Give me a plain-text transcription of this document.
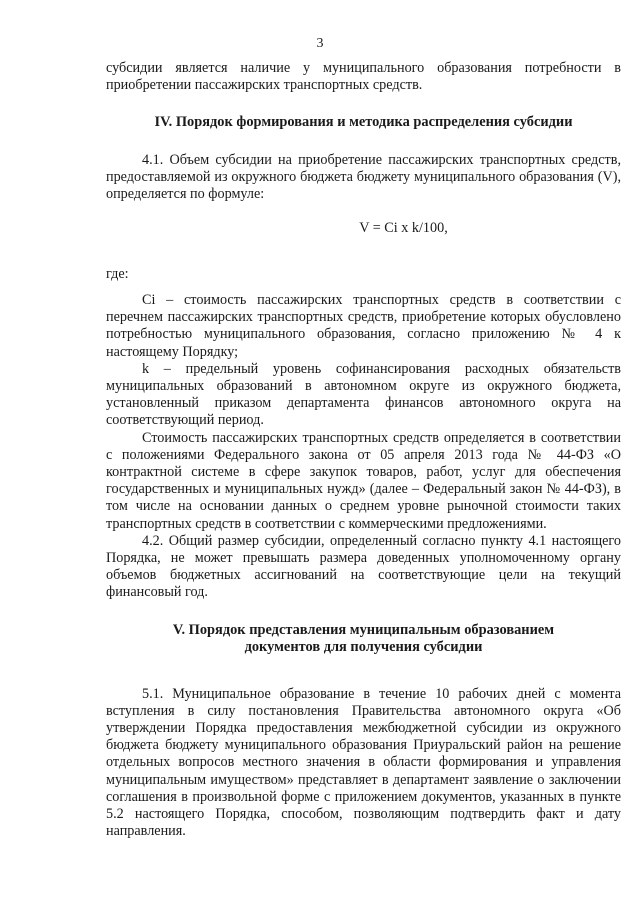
3

субсидии является наличие у муниципального образования потребности в приобретении пассажирских транспортных средств.

IV. Порядок формирования и методика распределения субсидии

4.1. Объем субсидии на приобретение пассажирских транспортных средств, предоставляемой из окружного бюджета бюджету муниципального образования (V), определяется по формуле:

V = Ci x k/100,

где:

Ci – стоимость пассажирских транспортных средств в соответствии с перечнем пассажирских транспортных средств, приобретение которых обусловлено потребностью муниципального образования, согласно приложению № 4 к настоящему Порядку;

k – предельный уровень софинансирования расходных обязательств муниципальных образований в автономном округе из окружного бюджета, установленный приказом департамента финансов автономного округа на соответствующий период.

Стоимость пассажирских транспортных средств определяется в соответствии с положениями Федерального закона от 05 апреля 2013 года № 44-ФЗ «О контрактной системе в сфере закупок товаров, работ, услуг для обеспечения государственных и муниципальных нужд» (далее – Федеральный закон № 44-ФЗ), в том числе на основании данных о среднем уровне рыночной стоимости таких транспортных средств в соответствии с коммерческими предложениями.

4.2. Общий размер субсидии, определенный согласно пункту 4.1 настоящего Порядка, не может превышать размера доведенных уполномоченному органу объемов бюджетных ассигнований на соответствующие цели на текущий финансовый год.

V. Порядок представления муниципальным образованием

документов для получения субсидии

5.1. Муниципальное образование в течение 10 рабочих дней с момента вступления в силу постановления Правительства автономного округа «Об утверждении Порядка предоставления межбюджетной субсидии из окружного бюджета бюджету муниципального образования Приуральский район на решение отдельных вопросов местного значения в области формирования и управления муниципальным имуществом» представляет в департамент заявление о заключении соглашения в произвольной форме с приложением документов, указанных в пункте 5.2 настоящего Порядка, способом, позволяющим подтвердить факт и дату направления.
